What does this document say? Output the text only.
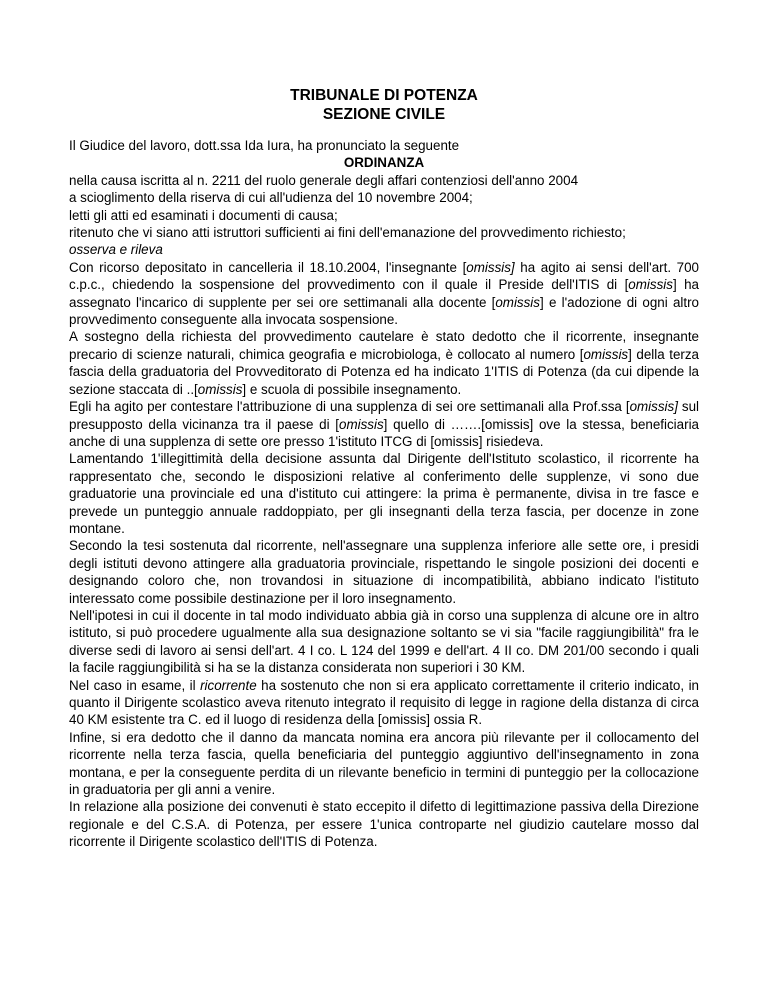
TRIBUNALE DI POTENZA
SEZIONE CIVILE

Il Giudice del lavoro, dott.ssa Ida Iura, ha pronunciato la seguente

ORDINANZA

nella causa iscritta al n. 2211 del ruolo generale degli affari contenziosi dell'anno 2004

a scioglimento della riserva di cui all'udienza del 10 novembre 2004;

letti gli atti ed esaminati i documenti di causa;

ritenuto che vi siano atti istruttori sufficienti ai fini dell'emanazione del provvedimento richiesto;

osserva e rileva

Con ricorso depositato in cancelleria il 18.10.2004, l'insegnante [omissis] ha agito ai sensi dell'art. 700 c.p.c., chiedendo la sospensione del provvedimento con il quale il Preside dell'ITIS di [omissis] ha assegnato l'incarico di supplente per sei ore settimanali alla docente [omissis] e l'adozione di ogni altro provvedimento conseguente alla invocata sospensione.

A sostegno della richiesta del provvedimento cautelare è stato dedotto che il ricorrente, insegnante precario di scienze naturali, chimica geografia e microbiologa, è collocato al numero [omissis] della terza fascia della graduatoria del Provveditorato di Potenza ed ha indicato 1'ITIS di Potenza (da cui dipende la sezione staccata di ..[omissis] e scuola di possibile insegnamento.

Egli ha agito per contestare l'attribuzione di una supplenza di sei ore settimanali alla Prof.ssa [omissis] sul presupposto della vicinanza tra il paese di [omissis] quello di …….[omissis] ove la stessa, beneficiaria anche di una supplenza di sette ore presso 1'istituto ITCG di [omissis] risiedeva.

Lamentando 1'illegittimità della decisione assunta dal Dirigente dell'Istituto scolastico, il ricorrente ha rappresentato che, secondo le disposizioni relative al conferimento delle supplenze, vi sono due graduatorie una provinciale ed una d'istituto cui attingere: la prima è permanente, divisa in tre fasce e prevede un punteggio annuale raddoppiato, per gli insegnanti della terza fascia, per docenze in zone montane.

Secondo la tesi sostenuta dal ricorrente, nell'assegnare una supplenza inferiore alle sette ore, i presidi degli istituti devono attingere alla graduatoria provinciale, rispettando le singole posizioni dei docenti e designando coloro che, non trovandosi in situazione di incompatibilità, abbiano indicato l'istituto interessato come possibile destinazione per il loro insegnamento.

Nell'ipotesi in cui il docente in tal modo individuato abbia già in corso una supplenza di alcune ore in altro istituto, si può procedere ugualmente alla sua designazione soltanto se vi sia "facile raggiungibilità" fra le diverse sedi di lavoro ai sensi dell'art. 4 I co. L 124 del 1999 e dell'art. 4 II co. DM 201/00 secondo i quali la facile raggiungibilità si ha se la distanza considerata non superiori i 30 KM.

Nel caso in esame, il ricorrente ha sostenuto che non si era applicato correttamente il criterio indicato, in quanto il Dirigente scolastico aveva ritenuto integrato il requisito di legge in ragione della distanza di circa 40 KM esistente tra C. ed il luogo di residenza della [omissis] ossia R.

Infine, si era dedotto che il danno da mancata nomina era ancora più rilevante per il collocamento del ricorrente nella terza fascia, quella beneficiaria del punteggio aggiuntivo dell'insegnamento in zona montana, e per la conseguente perdita di un rilevante beneficio in termini di punteggio per la collocazione in graduatoria per gli anni a venire.

In relazione alla posizione dei convenuti è stato eccepito il difetto di legittimazione passiva della Direzione regionale e del C.S.A. di Potenza, per essere 1'unica controparte nel giudizio cautelare mosso dal ricorrente il Dirigente scolastico dell'ITIS di Potenza.
